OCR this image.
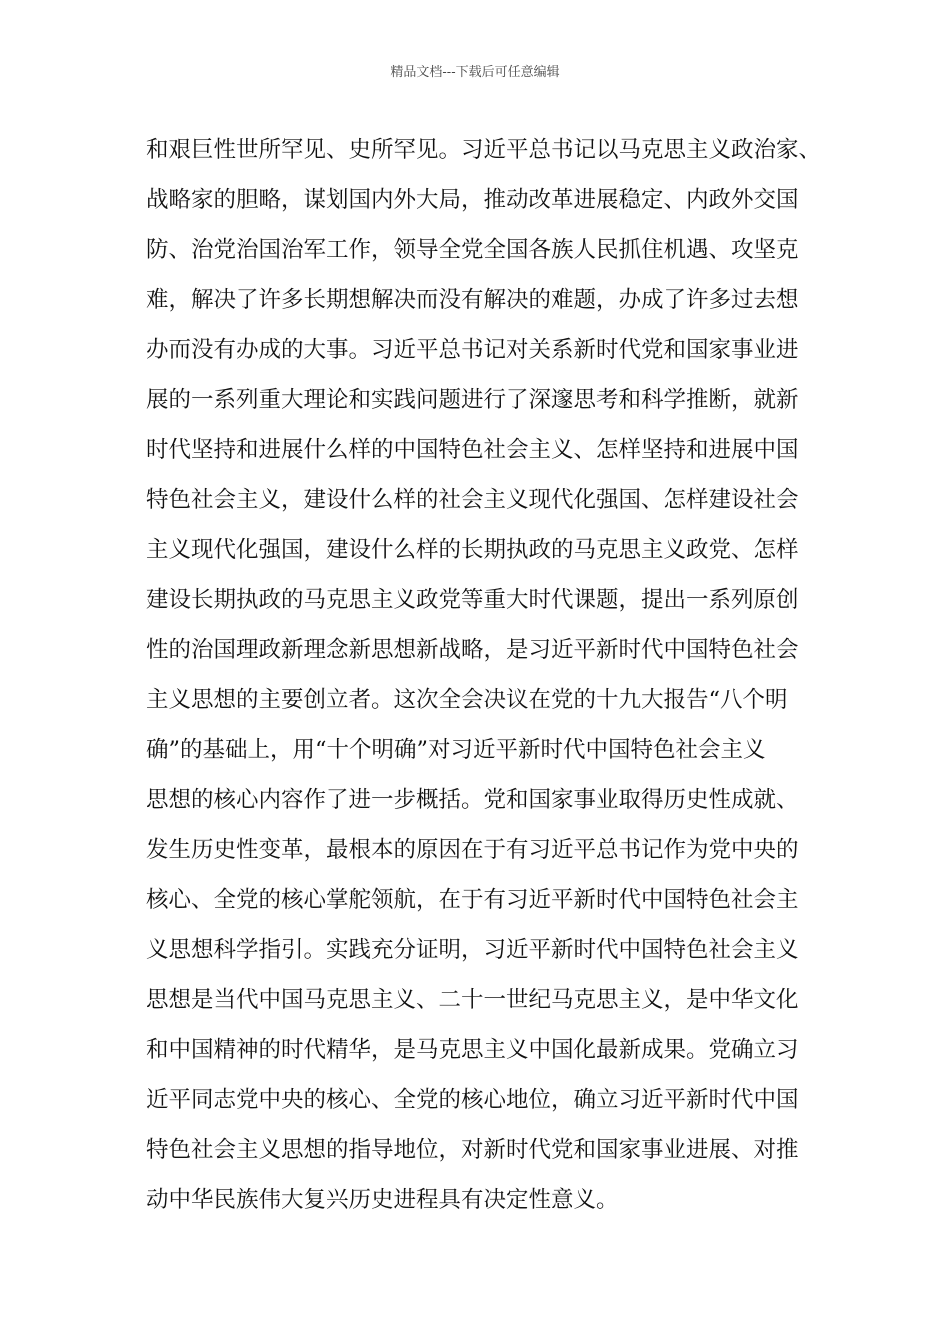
精品文档---下载后可任意编辑
和艰巨性世所罕见、史所罕见。习近平总书记以马克思主义政治家、
战略家的胆略，谋划国内外大局，推动改革进展稳定、内政外交国
防、治党治国治军工作，领导全党全国各族人民抓住机遇、攻坚克
难，解决了许多长期想解决而没有解决的难题，办成了许多过去想
办而没有办成的大事。习近平总书记对关系新时代党和国家事业进
展的一系列重大理论和实践问题进行了深邃思考和科学推断，就新
时代坚持和进展什么样的中国特色社会主义、怎样坚持和进展中国
特色社会主义，建设什么样的社会主义现代化强国、怎样建设社会
主义现代化强国，建设什么样的长期执政的马克思主义政党、怎样
建设长期执政的马克思主义政党等重大时代课题，提出一系列原创
性的治国理政新理念新思想新战略，是习近平新时代中国特色社会
主义思想的主要创立者。这次全会决议在党的十九大报告“八个明
确”的基础上，用“十个明确”对习近平新时代中国特色社会主义
思想的核心内容作了进一步概括。党和国家事业取得历史性成就、
发生历史性变革，最根本的原因在于有习近平总书记作为党中央的
核心、全党的核心掌舵领航，在于有习近平新时代中国特色社会主
义思想科学指引。实践充分证明，习近平新时代中国特色社会主义
思想是当代中国马克思主义、二十一世纪马克思主义，是中华文化
和中国精神的时代精华，是马克思主义中国化最新成果。党确立习
近平同志党中央的核心、全党的核心地位，确立习近平新时代中国
特色社会主义思想的指导地位，对新时代党和国家事业进展、对推
动中华民族伟大复兴历史进程具有决定性意义。
